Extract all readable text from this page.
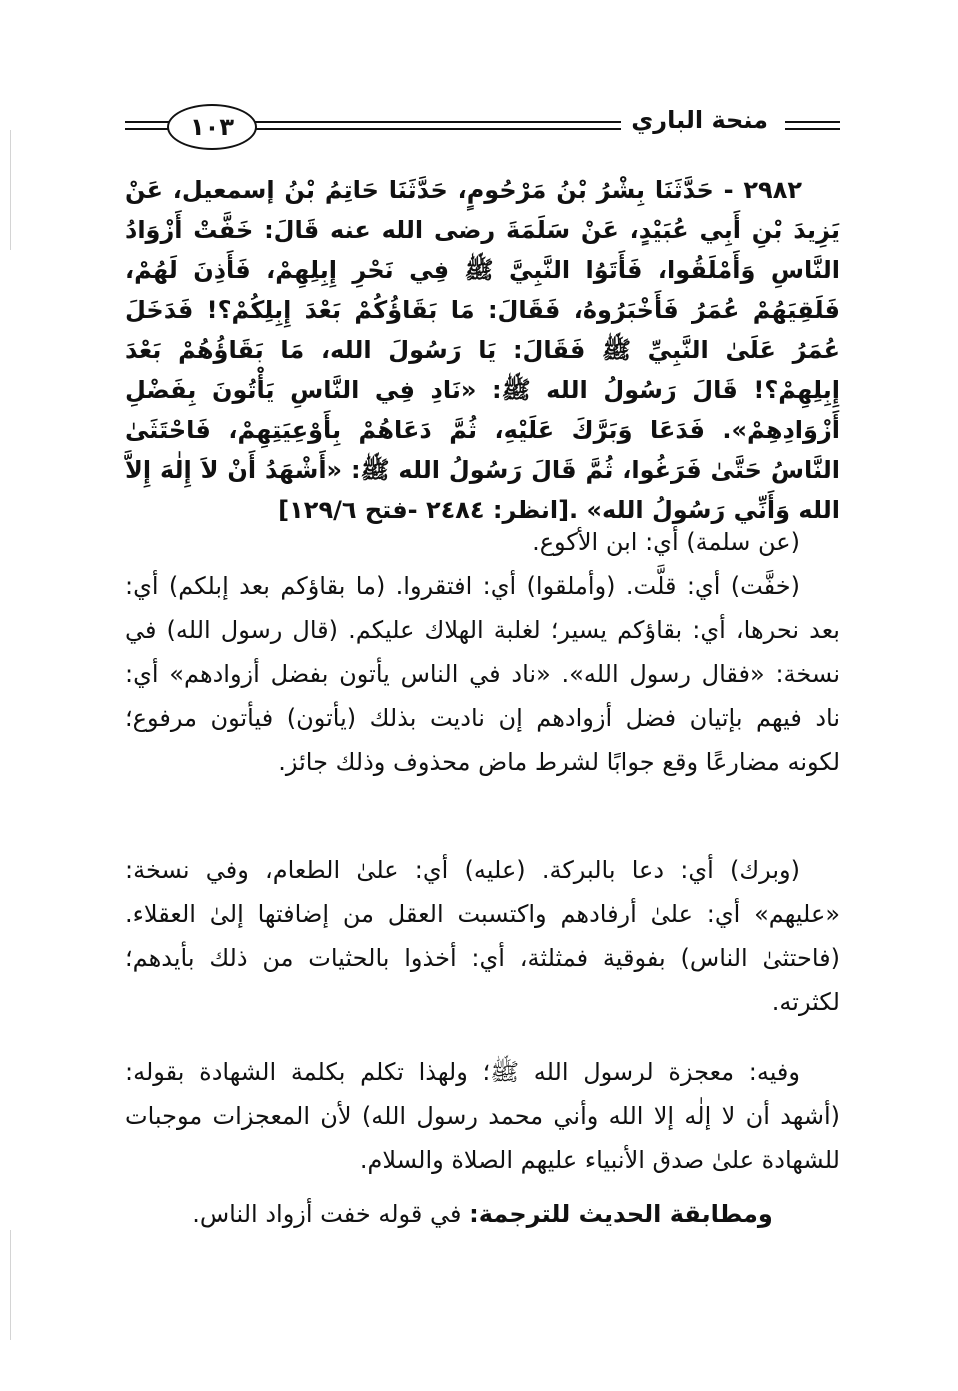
١٠٣	منحة الباري

٢٩٨٢ - حَدَّثَنَا بِشْرُ بْنُ مَرْحُومٍ، حَدَّثَنَا حَاتِمُ بْنُ إسمعيل، عَنْ يَزِيدَ بْنِ أَبِي عُبَيْدٍ، عَنْ سَلَمَةَ رضى الله عنه قَالَ: خَفَّتْ أَزْوَادُ النَّاسِ وَأَمْلَقُوا، فَأَتَوُا النَّبِيَّ ﷺ فِي نَحْرِ إِبِلِهِمْ، فَأَذِنَ لَهُمْ، فَلَقِيَهُمْ عُمَرُ فَأَخْبَرُوهُ، فَقَالَ: مَا بَقَاؤُكُمْ بَعْدَ إِبِلِكُمْ؟! فَدَخَلَ عُمَرُ عَلَىٰ النَّبِيِّ ﷺ فَقَالَ: يَا رَسُولَ الله، مَا بَقَاؤُهُمْ بَعْدَ إِبِلِهِمْ؟! قَالَ رَسُولُ الله ﷺ: «نَادِ فِي النَّاسِ يَأْتُونَ بِفَضْلِ أَزْوَادِهِمْ». فَدَعَا وَبَرَّكَ عَلَيْهِ، ثُمَّ دَعَاهُمْ بِأَوْعِيَتِهِمْ، فَاحْتَثَىٰ النَّاسُ حَتَّىٰ فَرَغُوا، ثُمَّ قَالَ رَسُولُ الله ﷺ: «أَشْهَدُ أَنْ لاَ إِلٰهَ إِلاَّ الله وَأَنِّي رَسُولُ الله» .[انظر: ٢٤٨٤ -فتح ١٢٩/٦]

(عن سلمة) أي: ابن الأكوع.
(خفَّت) أي: قلَّت. (وأملقوا) أي: افتقروا. (ما بقاؤكم بعد إبلكم) أي: بعد نحرها، أي: بقاؤكم يسير؛ لغلبة الهلاك عليكم. (قال رسول الله) في نسخة: «فقال رسول الله». «ناد في الناس يأتون بفضل أزوادهم» أي: ناد فيهم بإتيان فضل أزوادهم إن ناديت بذلك (يأتون) فيأتون مرفوع؛ لكونه مضارعًا وقع جوابًا لشرط ماض محذوف وذلك جائز.

(وبرك) أي: دعا بالبركة. (عليه) أي: علىٰ الطعام، وفي نسخة: «عليهم» أي: علىٰ أرفادهم واكتسبت العقل من إضافتها إلىٰ العقلاء. (فاحتثىٰ الناس) بفوقية فمثلثة، أي: أخذوا بالحثيات من ذلك بأيدهم؛ لكثرته.

وفيه: معجزة لرسول الله ﷺ؛ ولهذا تكلم بكلمة الشهادة بقوله: (أشهد أن لا إلٰه إلا الله وأني محمد رسول الله) لأن المعجزات موجبات للشهادة علىٰ صدق الأنبياء عليهم الصلاة والسلام.

ومطابقة الحديث للترجمة: في قوله خفت أزواد الناس.
